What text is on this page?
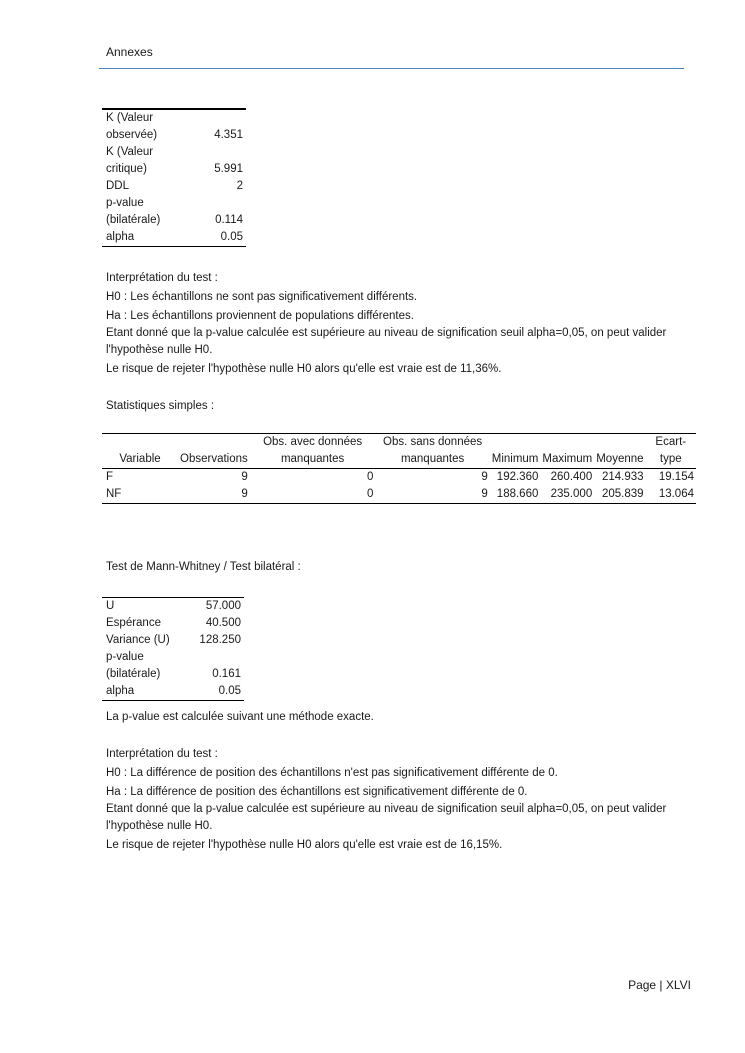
Annexes
K (Valeur observée)	4.351
K (Valeur critique)	5.991
DDL	2
p-value (bilatérale)	0.114
alpha	0.05

Interprétation du test :

H0 : Les échantillons ne sont pas significativement différents.

Ha : Les échantillons proviennent de populations différentes.

Etant donné que la p-value calculée est supérieure au niveau de signification seuil alpha=0,05, on peut valider l'hypothèse nulle H0.

Le risque de rejeter l'hypothèse nulle H0 alors qu'elle est vraie est de 11,36%.

Statistiques simples :
Variable	Observations	Obs. avec données manquantes	Obs. sans données manquantes	Minimum	Maximum	Moyenne	Ecart-type
F	9	0	9	192.360	260.400	214.933	19.154
NF	9	0	9	188.660	235.000	205.839	13.064
Test de Mann-Whitney / Test bilatéral :
U	57.000
Espérance	40.500
Variance (U)	128.250
p-value (bilatérale)	0.161
alpha	0.05
La p-value est calculée suivant une méthode exacte.

Interprétation du test :

H0 : La différence de position des échantillons n'est pas significativement différente de 0.

Ha : La différence de position des échantillons est significativement différente de 0.

Etant donné que la p-value calculée est supérieure au niveau de signification seuil alpha=0,05, on peut valider l'hypothèse nulle H0.

Le risque de rejeter l'hypothèse nulle H0 alors qu'elle est vraie est de 16,15%.

Page | XLVI
